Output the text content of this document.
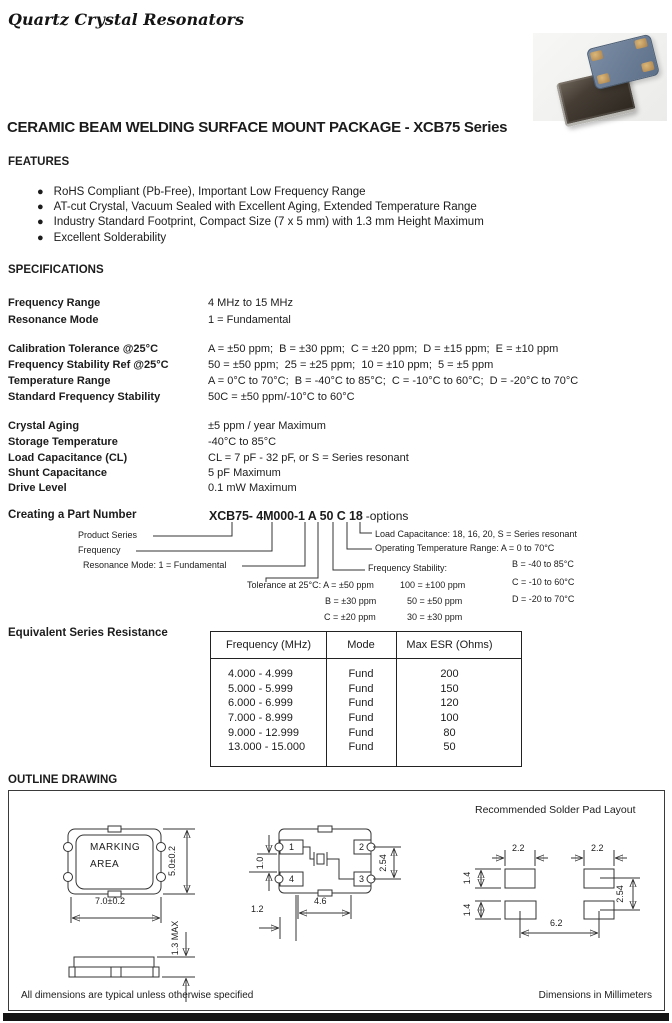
Quartz Crystal Resonators
CERAMIC BEAM WELDING SURFACE MOUNT PACKAGE - XCB75 Series
FEATURES
● RoHS Compliant (Pb-Free), Important Low Frequency Range
● AT-cut Crystal, Vacuum Sealed with Excellent Aging, Extended Temperature Range
● Industry Standard Footprint, Compact Size (7 x 5 mm) with 1.3 mm Height Maximum
● Excellent Solderability
SPECIFICATIONS
Frequency Range	4 MHz to 15 MHz
Resonance Mode	1 = Fundamental
Calibration Tolerance @25°C	A = ±50 ppm;  B = ±30 ppm;  C = ±20 ppm;  D = ±15 ppm;  E = ±10 ppm
Frequency Stability Ref @25°C	50 = ±50 ppm;  25 = ±25 ppm;  10 = ±10 ppm;  5 = ±5 ppm
Temperature Range	A = 0°C to 70°C;  B = -40°C to 85°C;  C = -10°C to 60°C;  D = -20°C to 70°C
Standard Frequency Stability	50C = ±50 ppm/-10°C to 60°C
Crystal Aging	±5 ppm / year Maximum
Storage Temperature	-40°C to 85°C
Load Capacitance (CL)	CL = 7 pF - 32 pF, or S = Series resonant
Shunt Capacitance	5 pF Maximum
Drive Level	0.1 mW Maximum
Creating a Part Number	XCB75- 4M000-1 A 50 C 18 -options
Product Series
Frequency
Resonance Mode: 1 = Fundamental
Tolerance at 25°C: A = ±50 ppm
B = ±30 ppm
C = ±20 ppm
Frequency Stability:
100 = ±100 ppm
50 = ±50 ppm
30 = ±30 ppm
Operating Temperature Range: A = 0 to 70°C
B = -40 to 85°C
C = -10 to 60°C
D = -20 to 70°C
Load Capacitance: 18, 16, 20, S = Series resonant
Equivalent Series Resistance
Frequency (MHz)	Mode	Max ESR (Ohms)
4.000 - 4.999	Fund	200
5.000 - 5.999	Fund	150
6.000 - 6.999	Fund	120
7.000 - 8.999	Fund	100
9.000 - 12.999	Fund	80
13.000 - 15.000	Fund	50
OUTLINE DRAWING
Recommended Solder Pad Layout
MARKING
AREA	5.0±0.2
7.0±0.2
1.3 MAX
1	2
4	3
1.0	2.54
4.6
1.2
2.2	2.2
1.4
1.4
2.54
6.2
All dimensions are typical unless otherwise specified	Dimensions in Millimeters
